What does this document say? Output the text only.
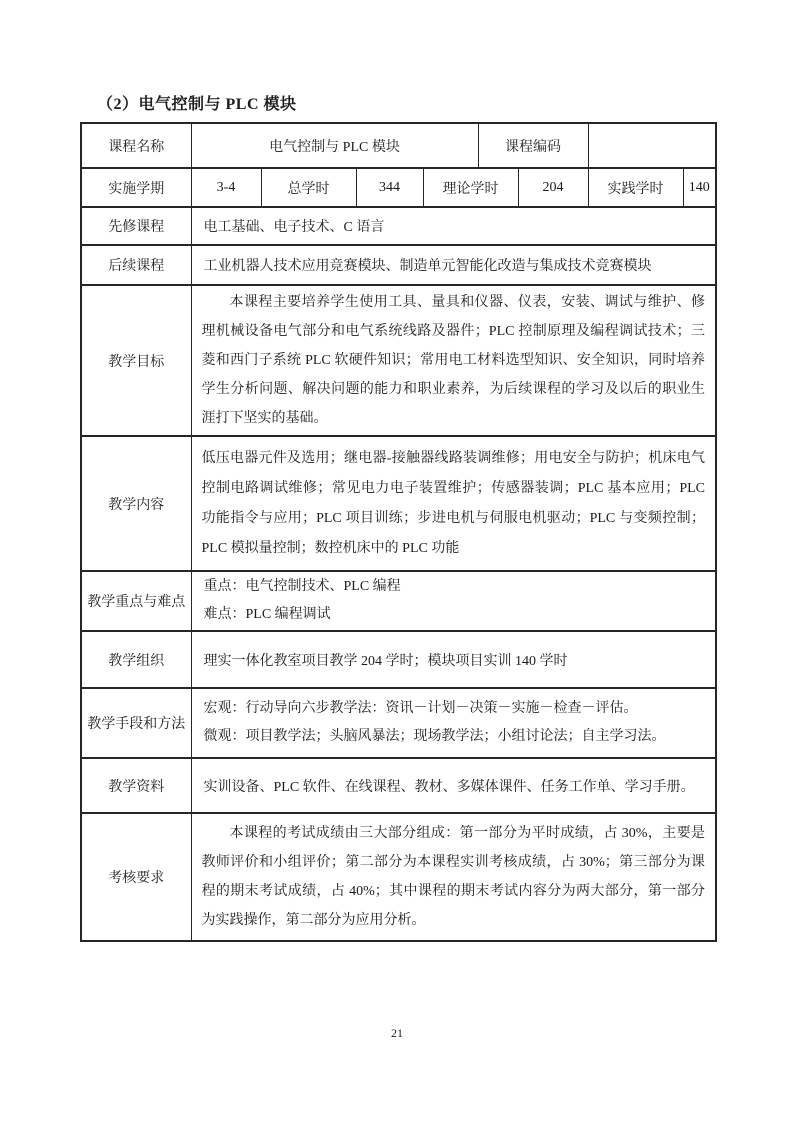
（2）电气控制与 PLC 模块
课程名称	电气控制与 PLC 模块				课程编码			
实施学期	3-4	总学时	344	理论学时		204	实践学时	140
先修课程	电工基础、电子技术、C 语言							
后续课程	工业机器人技术应用竞赛模块、制造单元智能化改造与集成技术竞赛模块							
教学目标	本课程主要培养学生使用工具、量具和仪器、仪表，安装、调试与维护、修理机械设备电气部分和电气系统线路及器件；PLC 控制原理及编程调试技术；三菱和西门子系统 PLC 软硬件知识；常用电工材料选型知识、安全知识，同时培养学生分析问题、解决问题的能力和职业素养，为后续课程的学习及以后的职业生涯打下坚实的基础。							
教学内容	低压电器元件及选用；继电器-接触器线路装调维修；用电安全与防护；机床电气控制电路调试维修；常见电力电子装置维护；传感器装调；PLC 基本应用；PLC 功能指令与应用；PLC 项目训练；步进电机与伺服电机驱动；PLC 与变频控制；PLC 模拟量控制；数控机床中的 PLC 功能							
教学重点与难点	重点：电气控制技术、PLC 编程
难点：PLC 编程调试							

教学组织	理实一体化教室项目教学 204 学时；模块项目实训 140 学时							
教学手段和方法	宏观：行动导向六步教学法：资讯－计划－决策－实施－检查－评估。
微观：项目教学法；头脑风暴法；现场教学法；小组讨论法；自主学习法。							

教学资料	实训设备、PLC 软件、在线课程、教材、多媒体课件、任务工作单、学习手册。							
考核要求	本课程的考试成绩由三大部分组成：第一部分为平时成绩，占 30%，主要是教师评价和小组评价；第二部分为本课程实训考核成绩，占 30%；第三部分为课程的期末考试成绩，占 40%；其中课程的期末考试内容分为两大部分，第一部分为实践操作，第二部分为应用分析。							
21
